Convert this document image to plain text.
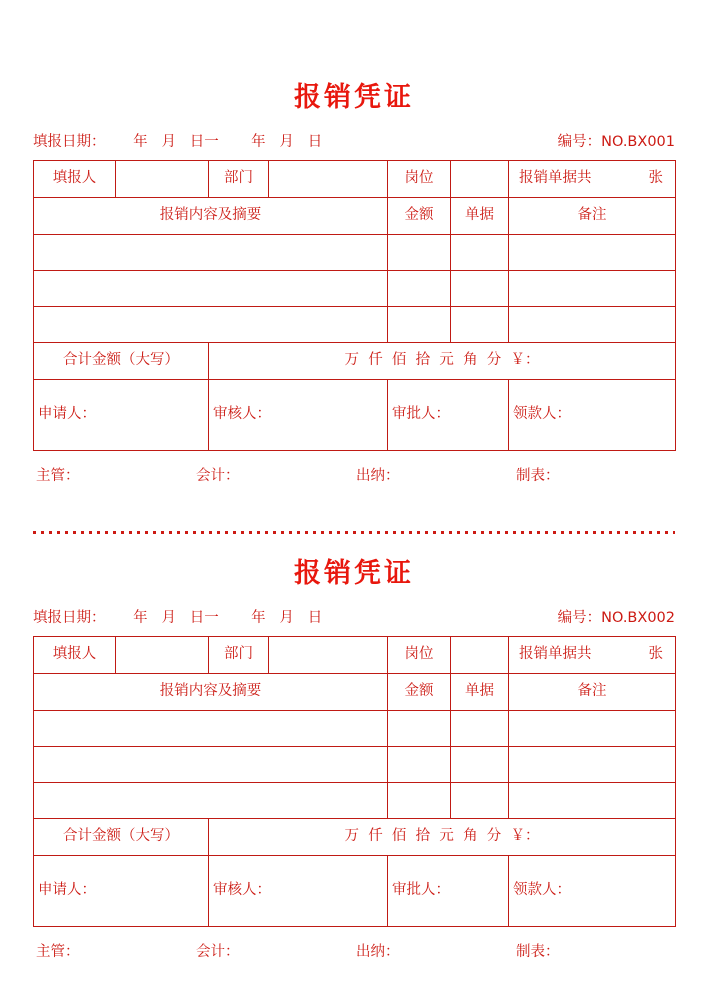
报销凭证
填报日期：      年   月   日一       年   月   日	编号：NO.BX001
填报人		部门		岗位		报销单据共 张

报销内容及摘要				金额	单据	备注

合计金额（大写）		万  仟  佰  拾  元  角  分  ￥：				

申请人：		审核人：		审批人：		领款人：
主管：	会计：	出纳：	制表：
报销凭证
填报日期：      年   月   日一       年   月   日	编号：NO.BX002
填报人		部门		岗位		报销单据共 张

报销内容及摘要				金额	单据	备注

合计金额（大写）		万  仟  佰  拾  元  角  分  ￥：				

申请人：		审核人：		审批人：		领款人：
主管：	会计：	出纳：	制表：
